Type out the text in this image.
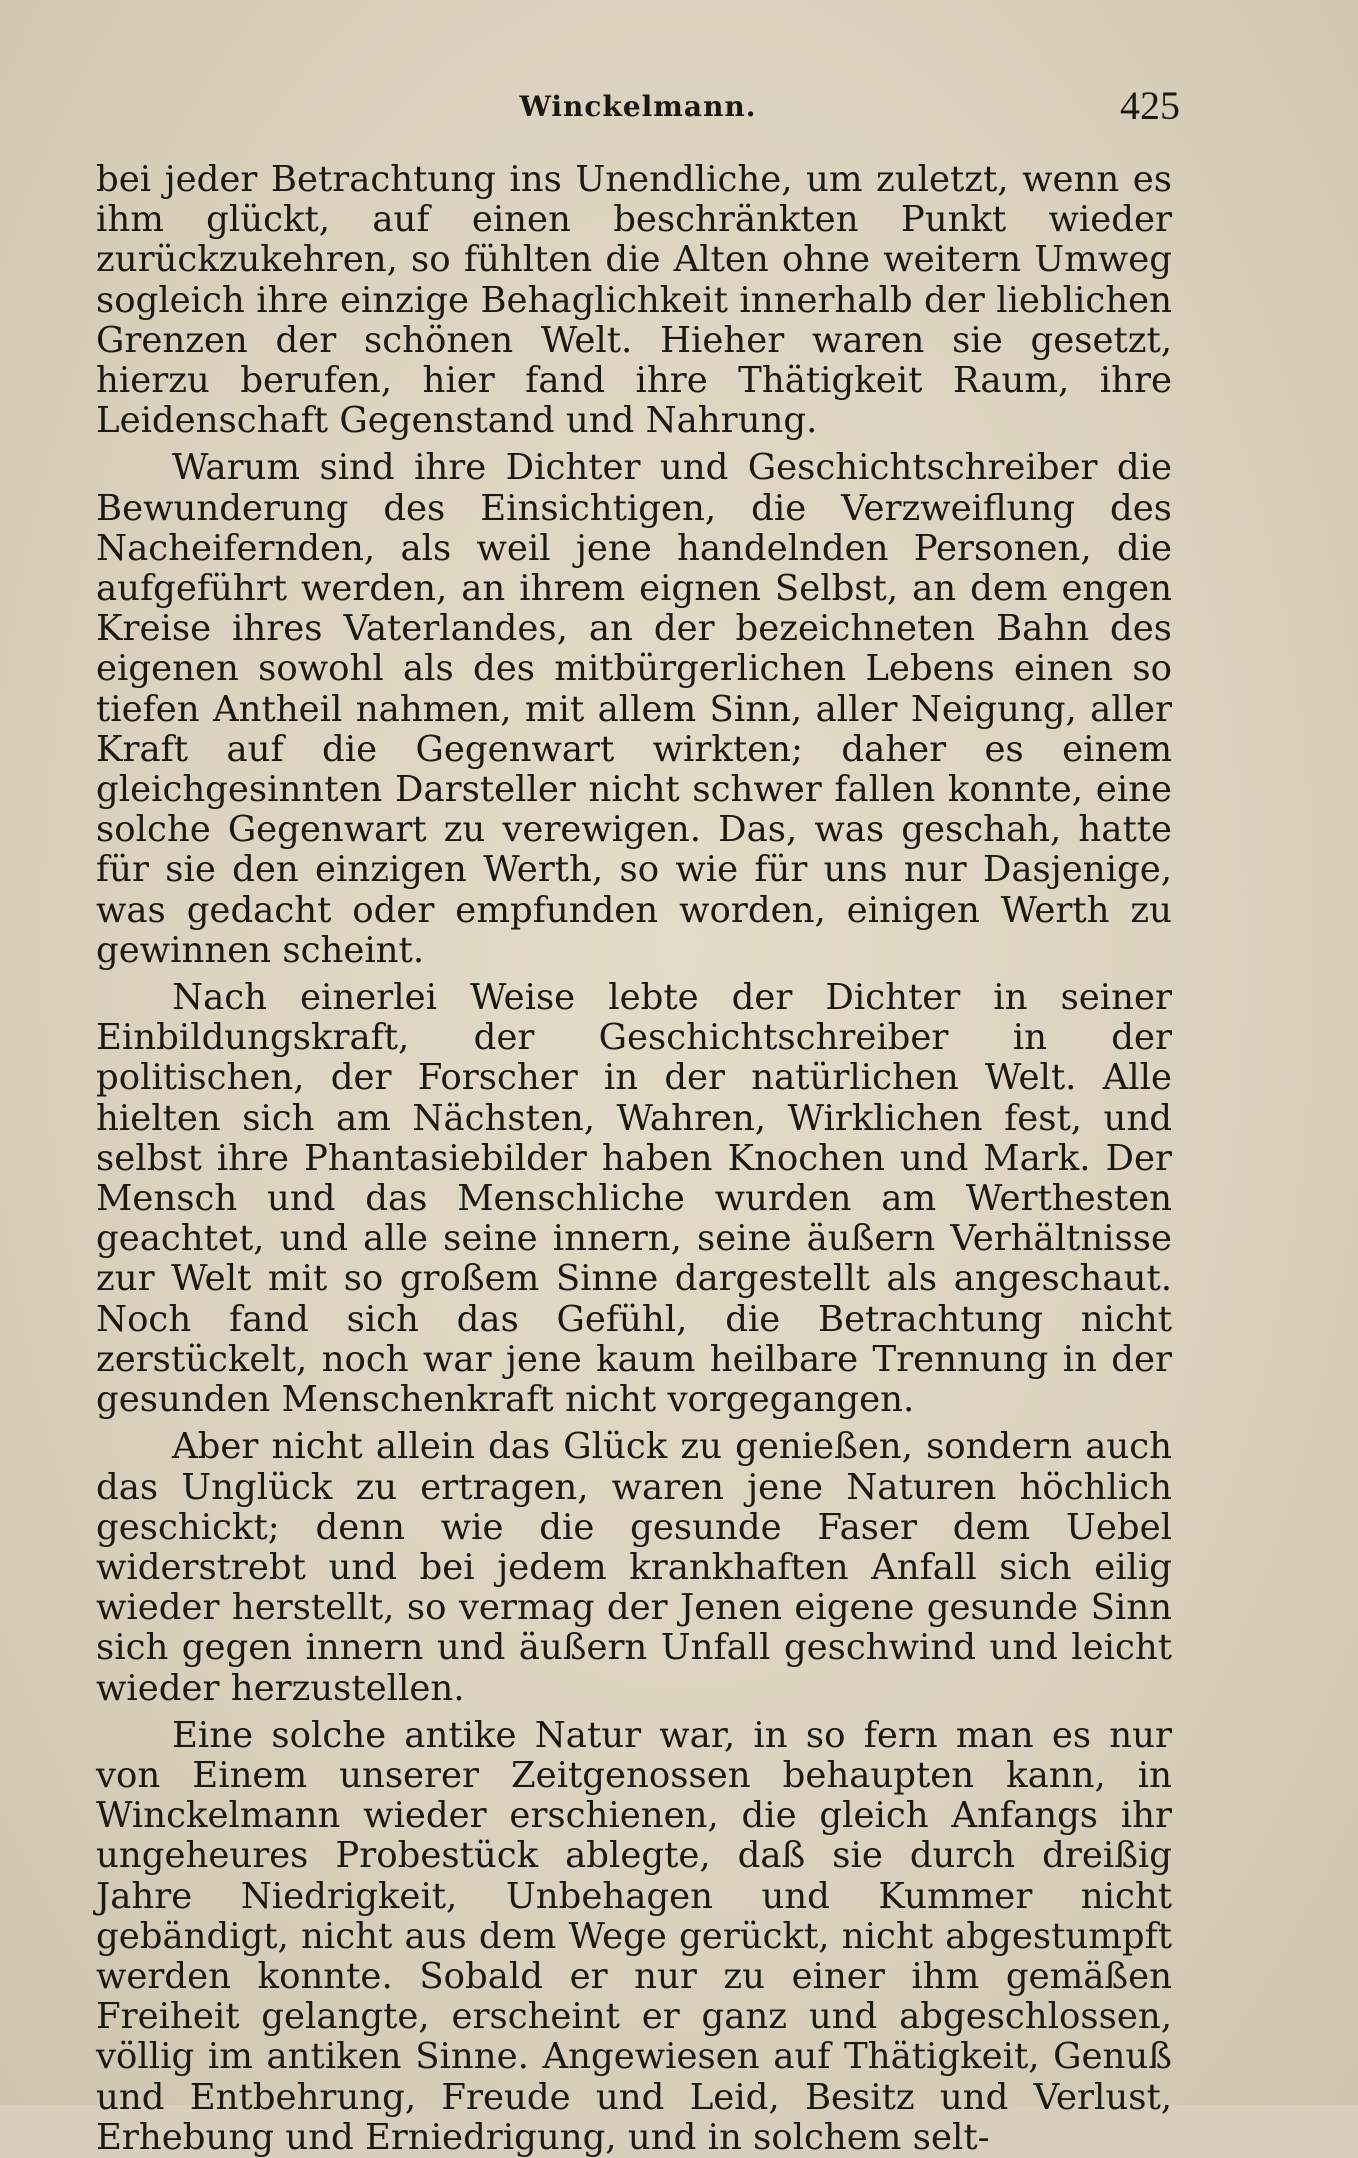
Winckelmann.	425

bei jeder Betrachtung ins Unendliche, um zuletzt, wenn es ihm glückt, auf einen beschränkten Punkt wieder zurückzukehren, so fühlten die Alten ohne weitern Umweg sogleich ihre einzige Behaglichkeit innerhalb der lieblichen Grenzen der schönen Welt. Hieher waren sie gesetzt, hierzu berufen, hier fand ihre Thätigkeit Raum, ihre Leidenschaft Gegenstand und Nahrung.

Warum sind ihre Dichter und Geschichtschreiber die Bewunderung des Einsichtigen, die Verzweiflung des Nacheifernden, als weil jene handelnden Personen, die aufgeführt werden, an ihrem eignen Selbst, an dem engen Kreise ihres Vaterlandes, an der bezeichneten Bahn des eigenen sowohl als des mitbürgerlichen Lebens einen so tiefen Antheil nahmen, mit allem Sinn, aller Neigung, aller Kraft auf die Gegenwart wirkten; daher es einem gleichgesinnten Darsteller nicht schwer fallen konnte, eine solche Gegenwart zu verewigen. Das, was geschah, hatte für sie den einzigen Werth, so wie für uns nur Dasjenige, was gedacht oder empfunden worden, einigen Werth zu gewinnen scheint.

Nach einerlei Weise lebte der Dichter in seiner Einbildungskraft, der Geschichtschreiber in der politischen, der Forscher in der natürlichen Welt. Alle hielten sich am Nächsten, Wahren, Wirklichen fest, und selbst ihre Phantasiebilder haben Knochen und Mark. Der Mensch und das Menschliche wurden am Werthesten geachtet, und alle seine innern, seine äußern Verhältnisse zur Welt mit so großem Sinne dargestellt als angeschaut. Noch fand sich das Gefühl, die Betrachtung nicht zerstückelt, noch war jene kaum heilbare Trennung in der gesunden Menschenkraft nicht vorgegangen.

Aber nicht allein das Glück zu genießen, sondern auch das Unglück zu ertragen, waren jene Naturen höchlich geschickt; denn wie die gesunde Faser dem Uebel widerstrebt und bei jedem krankhaften Anfall sich eilig wieder herstellt, so vermag der Jenen eigene gesunde Sinn sich gegen innern und äußern Unfall geschwind und leicht wieder herzustellen.

Eine solche antike Natur war, in so fern man es nur von Einem unserer Zeitgenossen behaupten kann, in Winckelmann wieder erschienen, die gleich Anfangs ihr ungeheures Probestück ablegte, daß sie durch dreißig Jahre Niedrigkeit, Unbehagen und Kummer nicht gebändigt, nicht aus dem Wege gerückt, nicht abgestumpft werden konnte. Sobald er nur zu einer ihm gemäßen Freiheit gelangte, erscheint er ganz und abgeschlossen, völlig im antiken Sinne. Angewiesen auf Thätigkeit, Genuß und Entbehrung, Freude und Leid, Besitz und Verlust, Erhebung und Erniedrigung, und in solchem selt-
